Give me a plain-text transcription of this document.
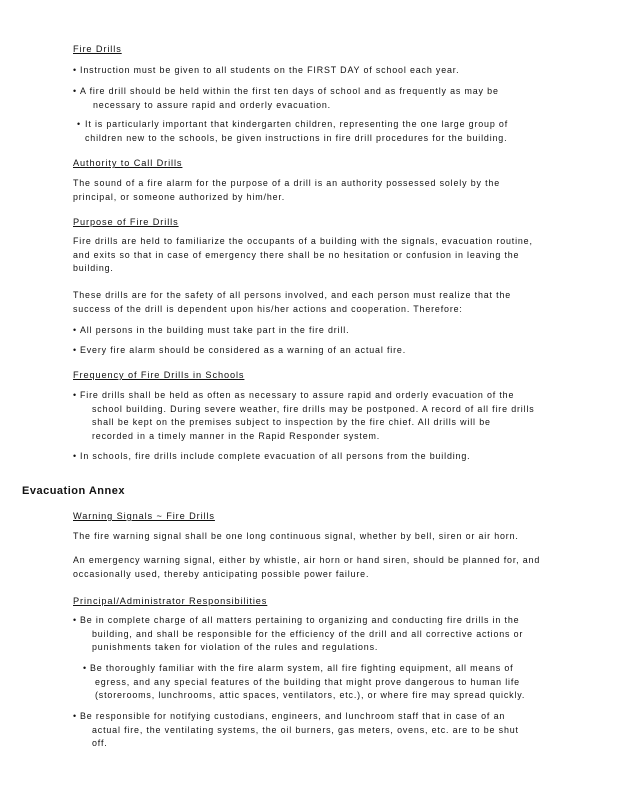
Fire Drills
Instruction must be given to all students on the FIRST DAY of school each year.
•
• A fire drill should be held within the first ten days of school and as frequently as may be necessary to assure rapid and orderly evacuation.
• It is particularly important that kindergarten children, representing the one large group of children new to the schools, be given instructions in fire drill procedures for the building.
Authority to Call Drills
The sound of a fire alarm for the purpose of a drill is an authority possessed solely by the principal, or someone authorized by him/her.
Purpose of Fire Drills
Fire drills are held to familiarize the occupants of a building with the signals, evacuation routine, and exits so that in case of emergency there shall be no hesitation or confusion in leaving the building.
These drills are for the safety of all persons involved, and each person must realize that the success of the drill is dependent upon his/her actions and cooperation. Therefore:
• All persons in the building must take part in the fire drill.
• Every fire alarm should be considered as a warning of an actual fire.
Frequency of Fire Drills in Schools
• Fire drills shall be held as often as necessary to assure rapid and orderly evacuation of the school building. During severe weather, fire drills may be postponed. A record of all fire drills shall be kept on the premises subject to inspection by the fire chief. All drills will be recorded in a timely manner in the Rapid Responder system.
• In schools, fire drills include complete evacuation of all persons from the building.
Evacuation Annex
Warning Signals ~ Fire Drills
The fire warning signal shall be one long continuous signal, whether by bell, siren or air horn.
An emergency warning signal, either by whistle, air horn or hand siren, should be planned for, and occasionally used, thereby anticipating possible power failure.
Principal/Administrator Responsibilities
• Be in complete charge of all matters pertaining to organizing and conducting fire drills in the building, and shall be responsible for the efficiency of the drill and all corrective actions or punishments taken for violation of the rules and regulations.
• Be thoroughly familiar with the fire alarm system, all fire fighting equipment, all means of egress, and any special features of the building that might prove dangerous to human life (storerooms, lunchrooms, attic spaces, ventilators, etc.), or where fire may spread quickly.
• Be responsible for notifying custodians, engineers, and lunchroom staff that in case of an actual fire, the ventilating systems, the oil burners, gas meters, ovens, etc. are to be shut off.
